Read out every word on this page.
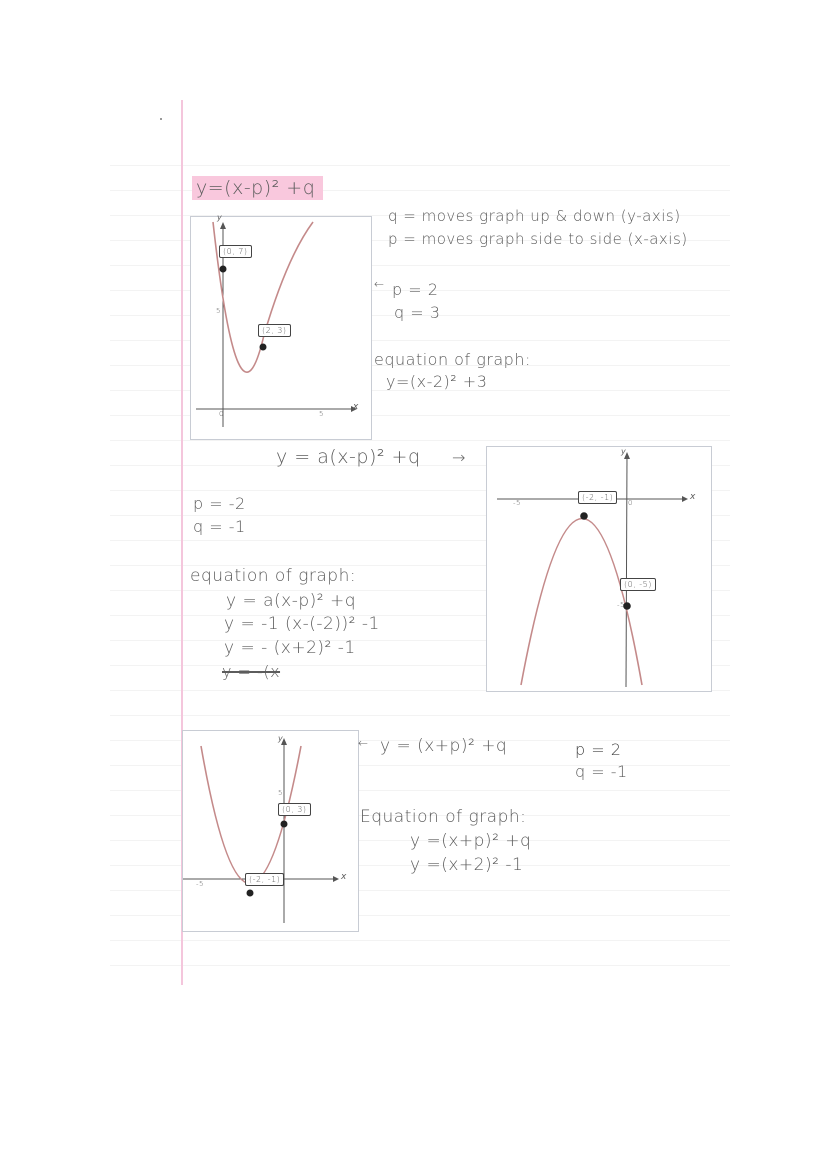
y=(x-p)² +q
q = moves graph up & down (y-axis)
p = moves graph side to side (x-axis)
y
x
0	5
5
(0, 7)
(2, 3)
← p = 2
q = 3
equation of graph:
y=(x-2)² +3
y = a(x-p)² +q →
p = -2
q = -1
equation of graph:
y = a(x-p)² +q
y = -1 (x-(-2))² -1
y = - (x+2)² -1
y = -(x
y
x
0
-5
-5
(-2, -1)
(0, -5)
y
x
-5
5
(0, 3)
(-2, -1)
← y = (x+p)² +q	p = 2
q = -1
Equation of graph:
y =(x+p)² +q
y =(x+2)² -1
